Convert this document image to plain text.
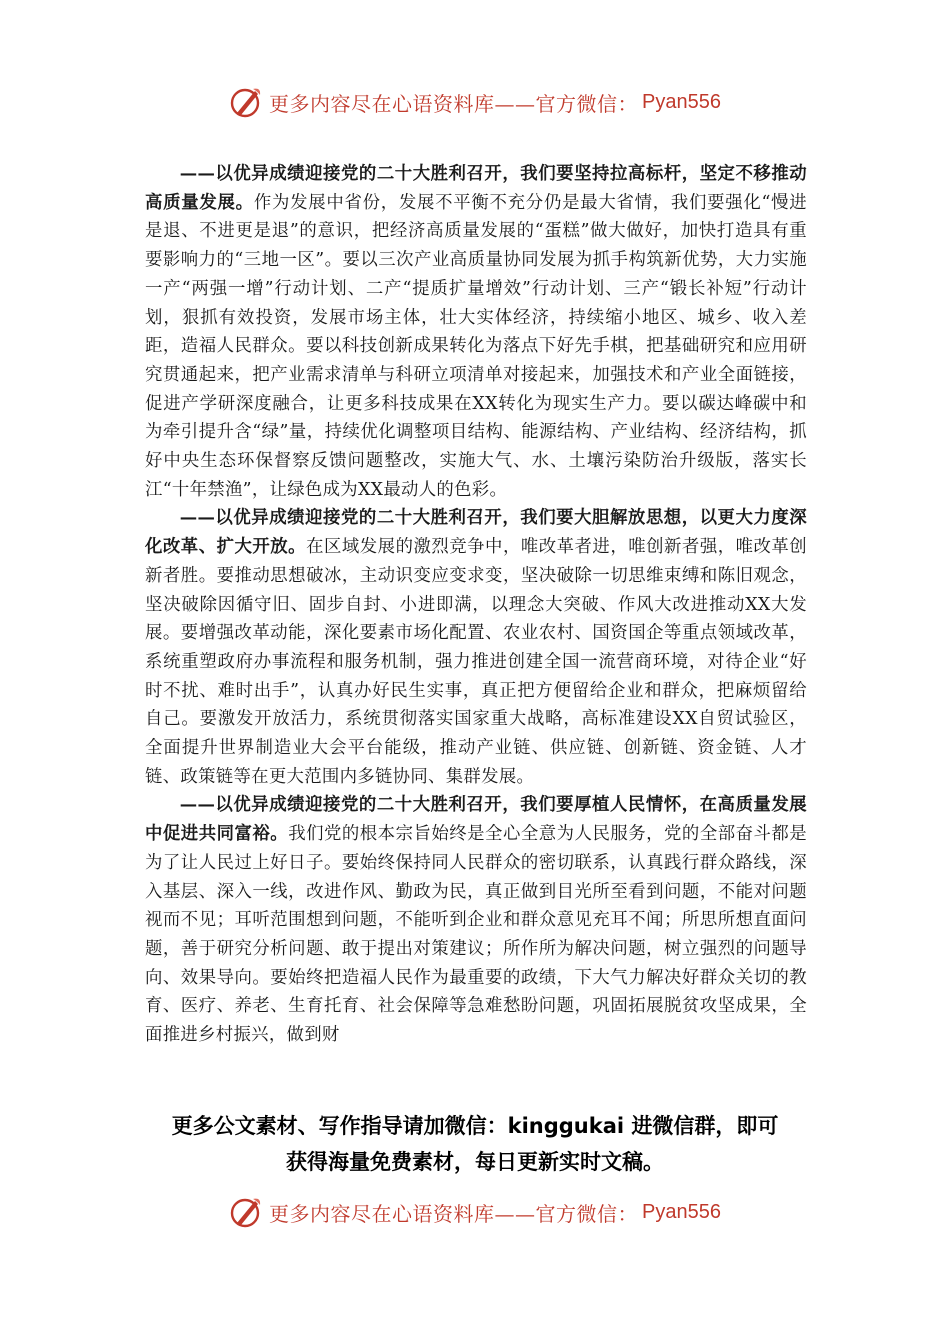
更多内容尽在心语资料库——官方微信： Pyan556

——以优异成绩迎接党的二十大胜利召开，我们要坚持拉高标杆，坚定不移推动高质量发展。作为发展中省份，发展不平衡不充分仍是最大省情，我们要强化“慢进是退、不进更是退”的意识，把经济高质量发展的“蛋糕”做大做好，加快打造具有重要影响力的“三地一区”。要以三次产业高质量协同发展为抓手构筑新优势，大力实施一产“两强一增”行动计划、二产“提质扩量增效”行动计划、三产“锻长补短”行动计划，狠抓有效投资，发展市场主体，壮大实体经济，持续缩小地区、城乡、收入差距，造福人民群众。要以科技创新成果转化为落点下好先手棋，把基础研究和应用研究贯通起来，把产业需求清单与科研立项清单对接起来，加强技术和产业全面链接，促进产学研深度融合，让更多科技成果在XX转化为现实生产力。要以碳达峰碳中和为牵引提升含“绿”量，持续优化调整项目结构、能源结构、产业结构、经济结构，抓好中央生态环保督察反馈问题整改，实施大气、水、土壤污染防治升级版，落实长江“十年禁渔”，让绿色成为XX最动人的色彩。

——以优异成绩迎接党的二十大胜利召开，我们要大胆解放思想，以更大力度深化改革、扩大开放。在区域发展的激烈竞争中，唯改革者进，唯创新者强，唯改革创新者胜。要推动思想破冰，主动识变应变求变，坚决破除一切思维束缚和陈旧观念，坚决破除因循守旧、固步自封、小进即满，以理念大突破、作风大改进推动XX大发展。要增强改革动能，深化要素市场化配置、农业农村、国资国企等重点领域改革，系统重塑政府办事流程和服务机制，强力推进创建全国一流营商环境，对待企业“好时不扰、难时出手”，认真办好民生实事，真正把方便留给企业和群众，把麻烦留给自己。要激发开放活力，系统贯彻落实国家重大战略，高标准建设XX自贸试验区，全面提升世界制造业大会平台能级，推动产业链、供应链、创新链、资金链、人才链、政策链等在更大范围内多链协同、集群发展。

——以优异成绩迎接党的二十大胜利召开，我们要厚植人民情怀，在高质量发展中促进共同富裕。我们党的根本宗旨始终是全心全意为人民服务，党的全部奋斗都是为了让人民过上好日子。要始终保持同人民群众的密切联系，认真践行群众路线，深入基层、深入一线，改进作风、勤政为民，真正做到目光所至看到问题，不能对问题视而不见；耳听范围想到问题，不能听到企业和群众意见充耳不闻；所思所想直面问题，善于研究分析问题、敢于提出对策建议；所作所为解决问题，树立强烈的问题导向、效果导向。要始终把造福人民作为最重要的政绩，下大气力解决好群众关切的教育、医疗、养老、生育托育、社会保障等急难愁盼问题，巩固拓展脱贫攻坚成果，全面推进乡村振兴，做到财

更多公文素材、写作指导请加微信：kinggukai 进微信群，即可
获得海量免费素材，每日更新实时文稿。
更多内容尽在心语资料库——官方微信： Pyan556
